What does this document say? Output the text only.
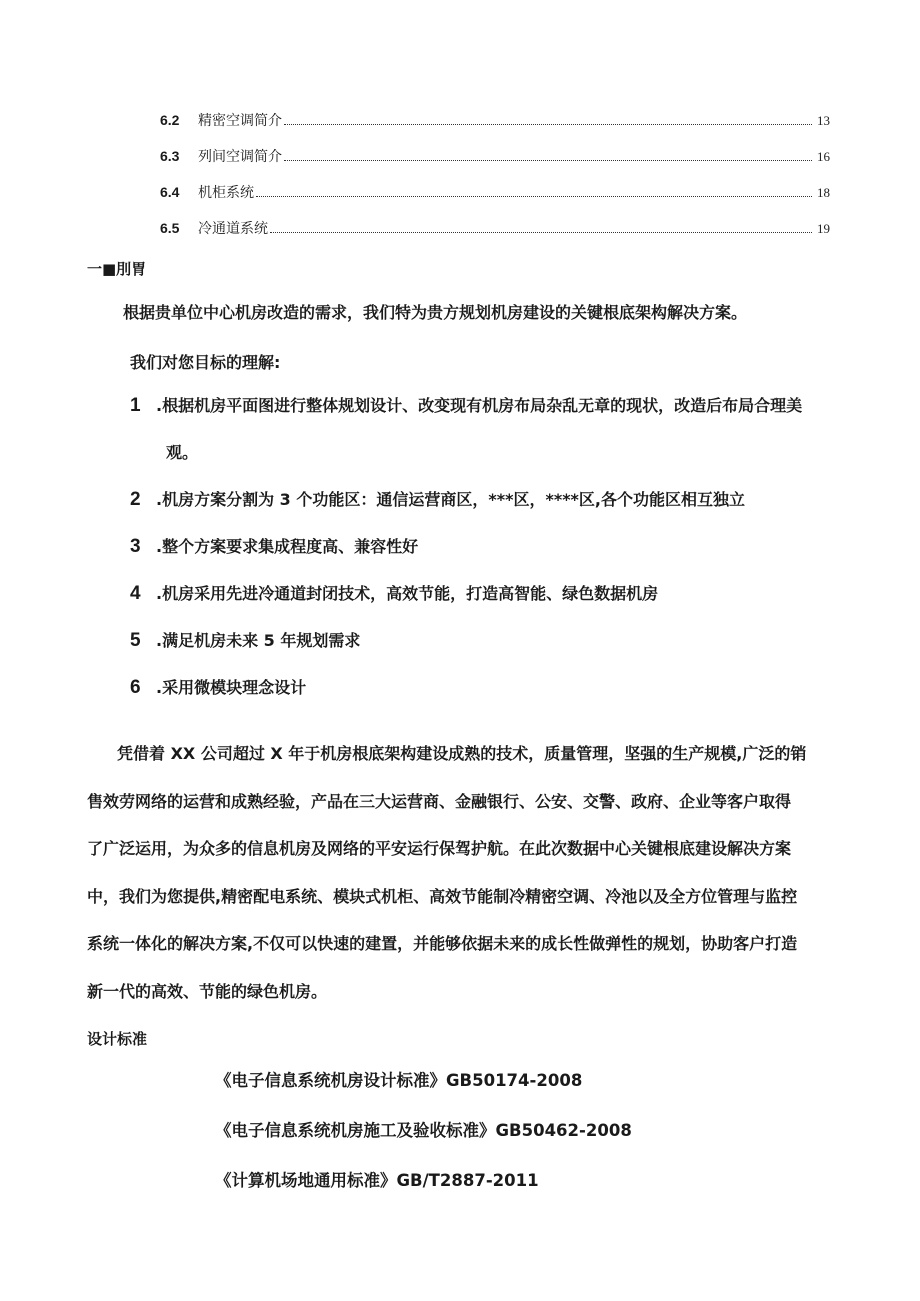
6.2	精密空调简介	13
6.3	列间空调简介	16
6.4	机柜系统	18
6.5	冷通道系统	19
一■刖胃
根据贵单位中心机房改造的需求，我们特为贵方规划机房建设的关键根底架构解决方案。
我们对您目标的理解:
1 .根据机房平面图进行整体规划设计、改变现有机房布局杂乱无章的现状，改造后布局合理美
观。
2 .机房方案分割为 3 个功能区：通信运营商区，***区，****区,各个功能区相互独立
3 .整个方案要求集成程度高、兼容性好
4 .机房采用先进冷通道封闭技术，高效节能，打造高智能、绿色数据机房
5 .满足机房未来 5 年规划需求
6 .采用微模块理念设计
凭借着 XX 公司超过 X 年于机房根底架构建设成熟的技术，质量管理，坚强的生产规模,广泛的销
售效劳网络的运营和成熟经验，产品在三大运营商、金融银行、公安、交警、政府、企业等客户取得
了广泛运用，为众多的信息机房及网络的平安运行保驾护航。在此次数据中心关键根底建设解决方案
中，我们为您提供,精密配电系统、模块式机柜、高效节能制冷精密空调、冷池以及全方位管理与监控
系统一体化的解决方案,不仅可以快速的建置，并能够依据未来的成长性做弹性的规划，协助客户打造
新一代的高效、节能的绿色机房。
设计标准
《电子信息系统机房设计标准》GB50174-2008
《电子信息系统机房施工及验收标准》GB50462-2008
《计算机场地通用标准》GB/T2887-2011
